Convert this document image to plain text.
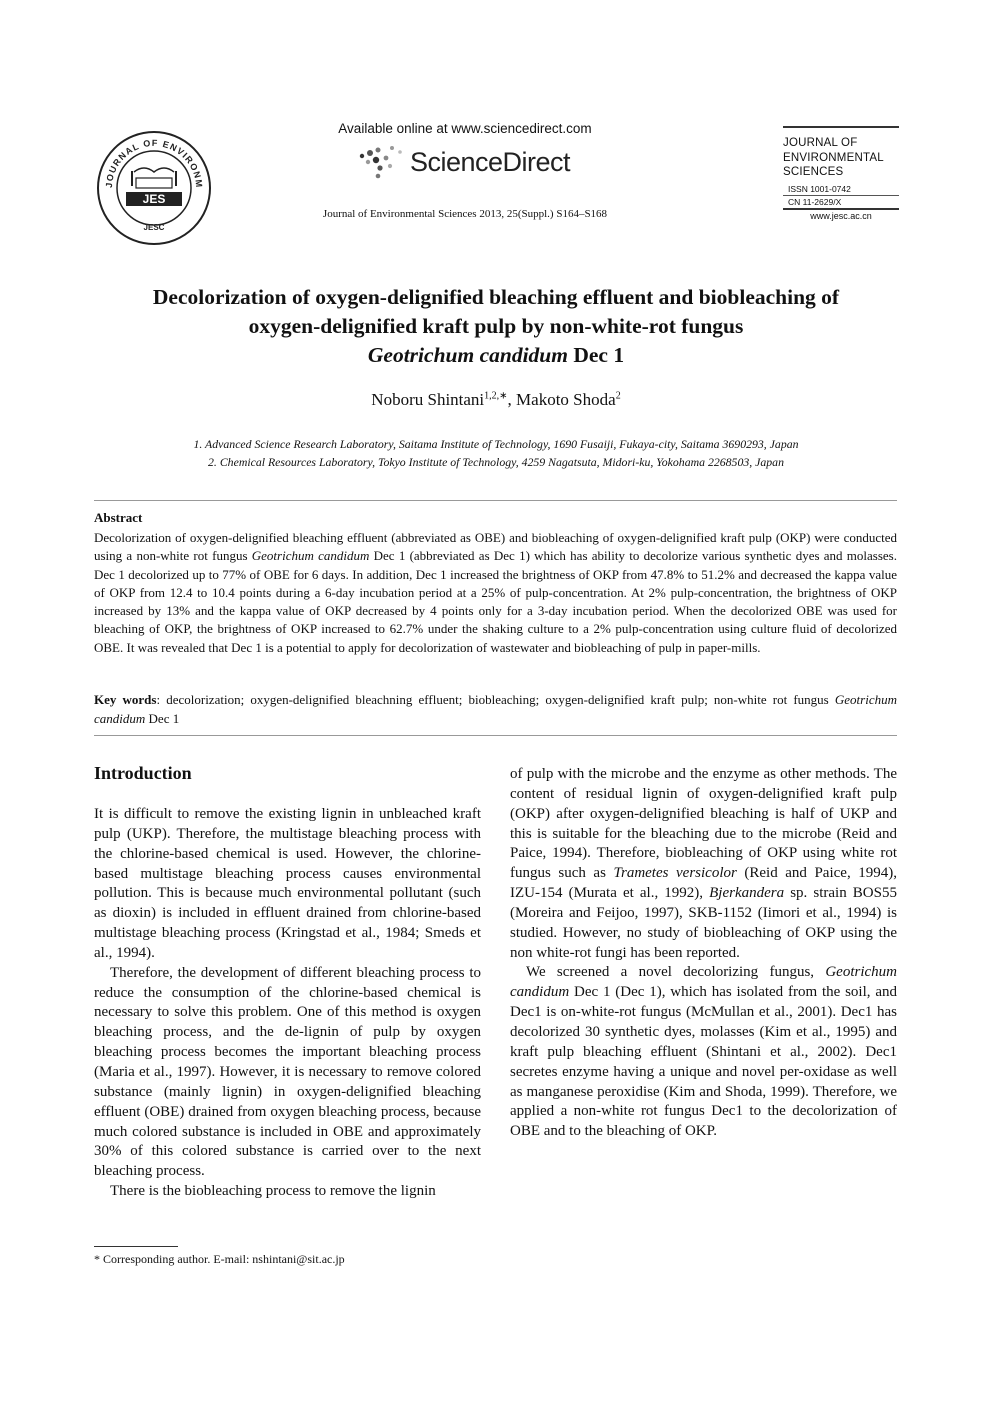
JOURNAL OF ENVIRONM
JES
JESC
Available online at www.sciencedirect.com
ScienceDirect
Journal of Environmental Sciences 2013, 25(Suppl.) S164–S168
JOURNAL OF
ENVIRONMENTAL
SCIENCES
ISSN 1001-0742
CN 11-2629/X
www.jesc.ac.cn
Decolorization of oxygen-delignified bleaching effluent and biobleaching of
oxygen-delignified kraft pulp by non-white-rot fungus
Geotrichum candidum Dec 1
Noboru Shintani$^{1,2,∗}$, Makoto Shoda$^2$
1. Advanced Science Research Laboratory, Saitama Institute of Technology, 1690 Fusaiji, Fukaya-city, Saitama 3690293, Japan
2. Chemical Resources Laboratory, Tokyo Institute of Technology, 4259 Nagatsuta, Midori-ku, Yokohama 2268503, Japan
Abstract
Decolorization of oxygen-delignified bleaching effluent (abbreviated as OBE) and biobleaching of oxygen-delignified kraft pulp (OKP) were conducted using a non-white rot fungus Geotrichum candidum Dec 1 (abbreviated as Dec 1) which has ability to decolorize various synthetic dyes and molasses. Dec 1 decolorized up to 77% of OBE for 6 days. In addition, Dec 1 increased the brightness of OKP from 47.8% to 51.2% and decreased the kappa value of OKP from 12.4 to 10.4 points during a 6-day incubation period at a 25% of pulp-concentration. At 2% pulp-concentration, the brightness of OKP increased by 13% and the kappa value of OKP decreased by 4 points only for a 3-day incubation period. When the decolorized OBE was used for bleaching of OKP, the brightness of OKP increased to 62.7% under the shaking culture to a 2% pulp-concentration using culture fluid of decolorized OBE. It was revealed that Dec 1 is a potential to apply for decolorization of wastewater and biobleaching of pulp in paper-mills.
Key words: decolorization; oxygen-delignified bleachning effluent; biobleaching; oxygen-delignified kraft pulp; non-white rot fungus Geotrichum candidum Dec 1
Introduction

It is difficult to remove the existing lignin in unbleached kraft pulp (UKP). Therefore, the multistage bleaching process with the chlorine-based chemical is used. However, the chlorine-based multistage bleaching process causes environmental pollution. This is because much environmental pollutant (such as dioxin) is included in effluent drained from chlorine-based multistage bleaching process (Kringstad et al., 1984; Smeds et al., 1994).

Therefore, the development of different bleaching process to reduce the consumption of the chlorine-based chemical is necessary to solve this problem. One of this method is oxygen bleaching process, and the de-lignin of pulp by oxygen bleaching process becomes the important bleaching process (Maria et al., 1997). However, it is necessary to remove colored substance (mainly lignin) in oxygen-delignified bleaching effluent (OBE) drained from oxygen bleaching process, because much colored substance is included in OBE and approximately 30% of this colored substance is carried over to the next bleaching process.

There is the biobleaching process to remove the lignin

of pulp with the microbe and the enzyme as other methods. The content of residual lignin of oxygen-delignified kraft pulp (OKP) after oxygen-delignified bleaching is half of UKP and this is suitable for the bleaching due to the microbe (Reid and Paice, 1994). Therefore, biobleaching of OKP using white rot fungus such as Trametes versicolor (Reid and Paice, 1994), IZU-154 (Murata et al., 1992), Bjerkandera sp. strain BOS55 (Moreira and Feijoo, 1997), SKB-1152 (Iimori et al., 1994) is studied. However, no study of biobleaching of OKP using the non white-rot fungi has been reported.

We screened a novel decolorizing fungus, Geotrichum candidum Dec 1 (Dec 1), which has isolated from the soil, and Dec1 is on-white-rot fungus (McMullan et al., 2001). Dec1 has decolorized 30 synthetic dyes, molasses (Kim et al., 1995) and kraft pulp bleaching effluent (Shintani et al., 2002). Dec1 secretes enzyme having a unique and novel per-oxidase as well as manganese peroxidise (Kim and Shoda, 1999). Therefore, we applied a non-white rot fungus Dec1 to the decolorization of OBE and to the bleaching of OKP.

* Corresponding author. E-mail: nshintani@sit.ac.jp
